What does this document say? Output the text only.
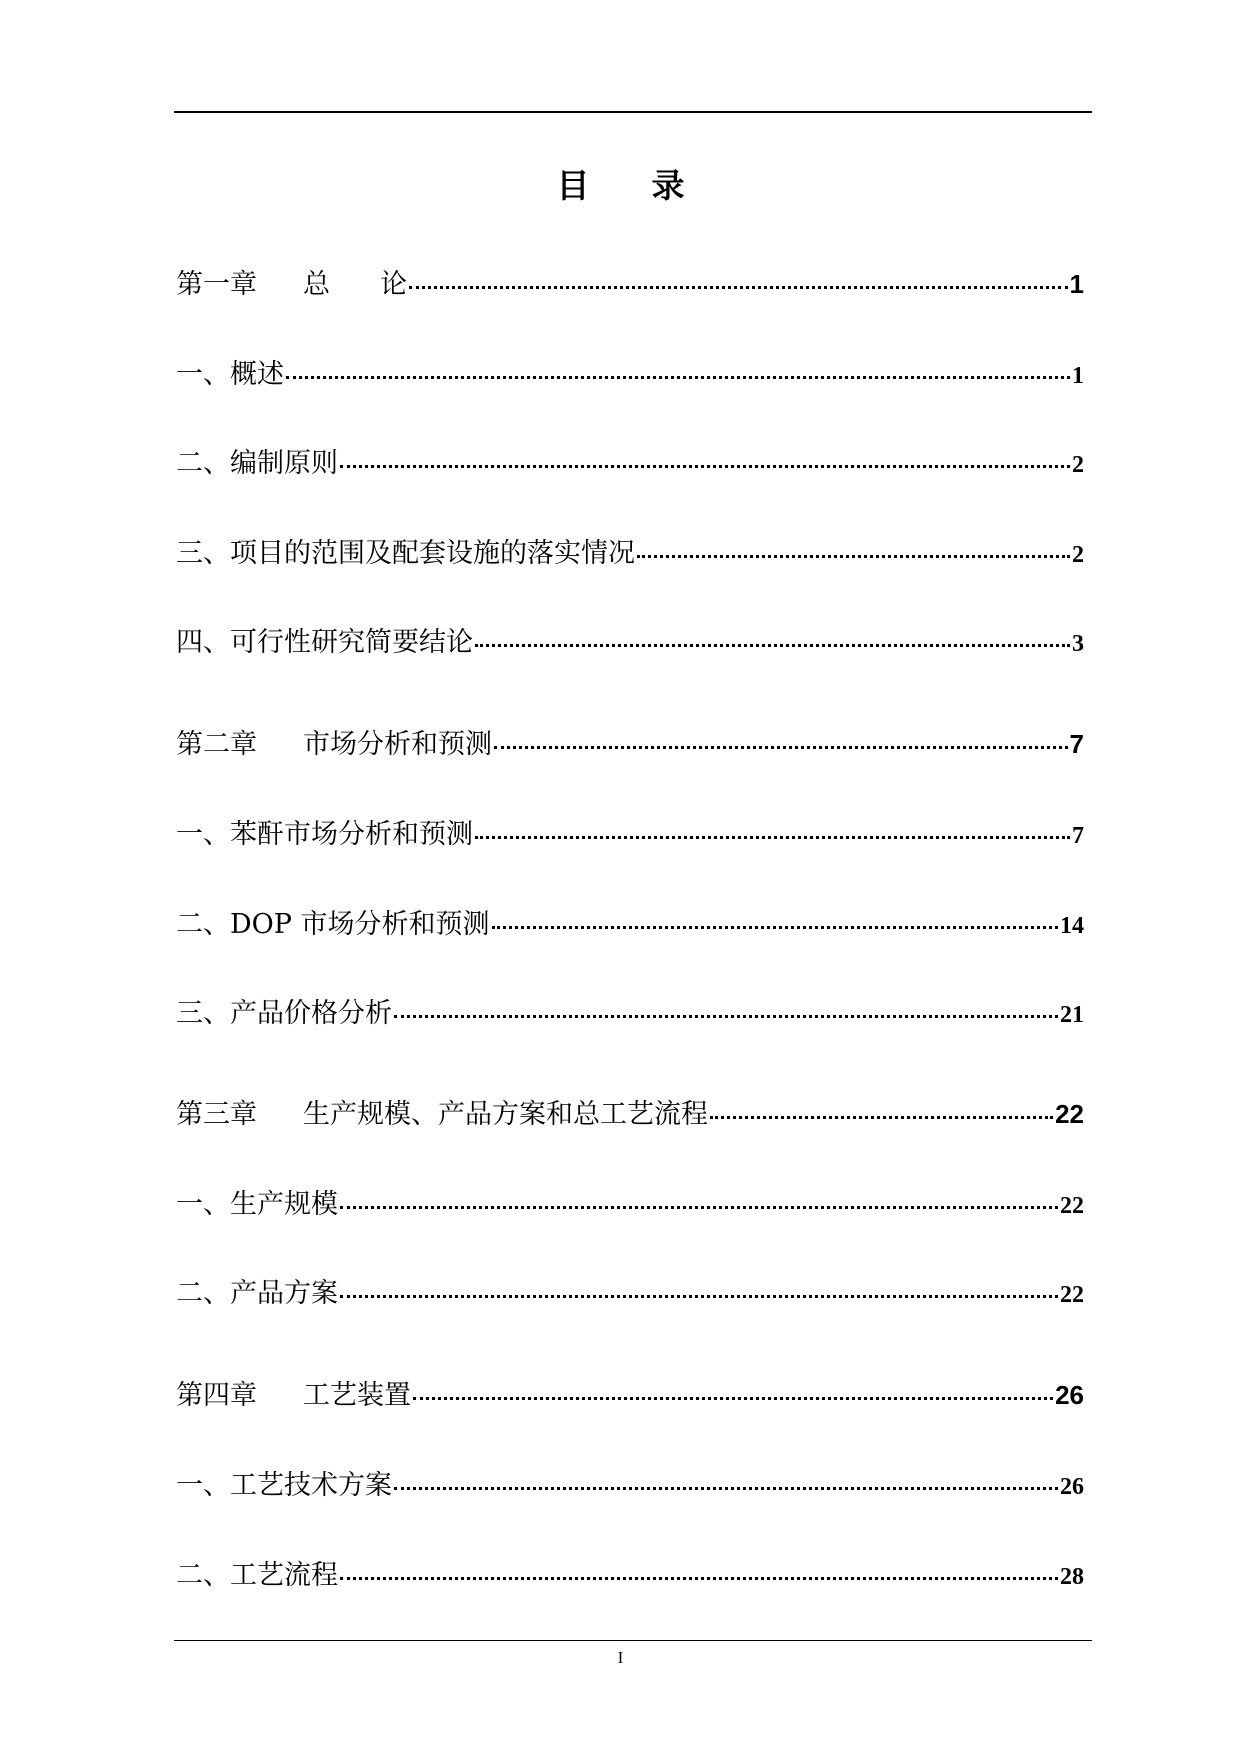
目 录
第一章 总 论	1
一、概述	1
二、编制原则	2
三、项目的范围及配套设施的落实情况	2
四、可行性研究简要结论	3
第二章 市场分析和预测	7
一、苯酐市场分析和预测	7
二、DOP 市场分析和预测	14
三、产品价格分析	21
第三章 生产规模、产品方案和总工艺流程	22
一、生产规模	22
二、产品方案	22
第四章 工艺装置	26
一、工艺技术方案	26
二、工艺流程	28
I
